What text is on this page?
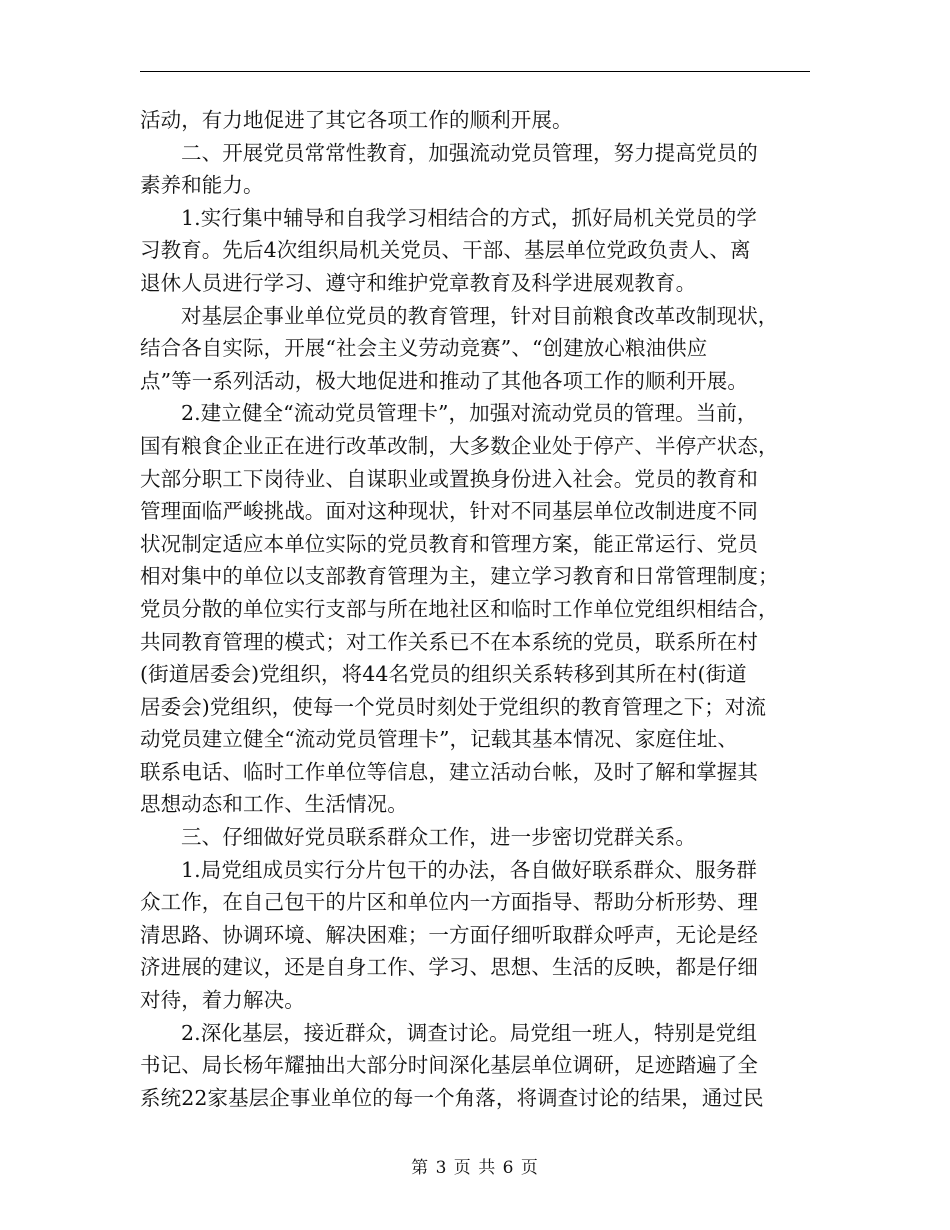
活动，有力地促进了其它各项工作的顺利开展。

二、开展党员常常性教育，加强流动党员管理，努力提高党员的

素养和能力。

1.实行集中辅导和自我学习相结合的方式，抓好局机关党员的学

习教育。先后4次组织局机关党员、干部、基层单位党政负责人、离

退休人员进行学习、遵守和维护党章教育及科学进展观教育。

对基层企事业单位党员的教育管理，针对目前粮食改革改制现状，

结合各自实际，开展“社会主义劳动竞赛”、“创建放心粮油供应

点”等一系列活动，极大地促进和推动了其他各项工作的顺利开展。

2.建立健全“流动党员管理卡”，加强对流动党员的管理。当前，

国有粮食企业正在进行改革改制，大多数企业处于停产、半停产状态，

大部分职工下岗待业、自谋职业或置换身份进入社会。党员的教育和

管理面临严峻挑战。面对这种现状，针对不同基层单位改制进度不同

状况制定适应本单位实际的党员教育和管理方案，能正常运行、党员

相对集中的单位以支部教育管理为主，建立学习教育和日常管理制度；

党员分散的单位实行支部与所在地社区和临时工作单位党组织相结合，

共同教育管理的模式；对工作关系已不在本系统的党员，联系所在村

(街道居委会)党组织，将44名党员的组织关系转移到其所在村(街道

居委会)党组织，使每一个党员时刻处于党组织的教育管理之下；对流

动党员建立健全“流动党员管理卡”，记载其基本情况、家庭住址、

联系电话、临时工作单位等信息，建立活动台帐，及时了解和掌握其

思想动态和工作、生活情况。

三、仔细做好党员联系群众工作，进一步密切党群关系。

1.局党组成员实行分片包干的办法，各自做好联系群众、服务群

众工作，在自己包干的片区和单位内一方面指导、帮助分析形势、理

清思路、协调环境、解决困难；一方面仔细听取群众呼声，无论是经

济进展的建议，还是自身工作、学习、思想、生活的反映，都是仔细

对待，着力解决。

2.深化基层，接近群众，调查讨论。局党组一班人，特别是党组

书记、局长杨年耀抽出大部分时间深化基层单位调研，足迹踏遍了全

系统22家基层企事业单位的每一个角落，将调查讨论的结果，通过民

第 3 页 共 6 页
